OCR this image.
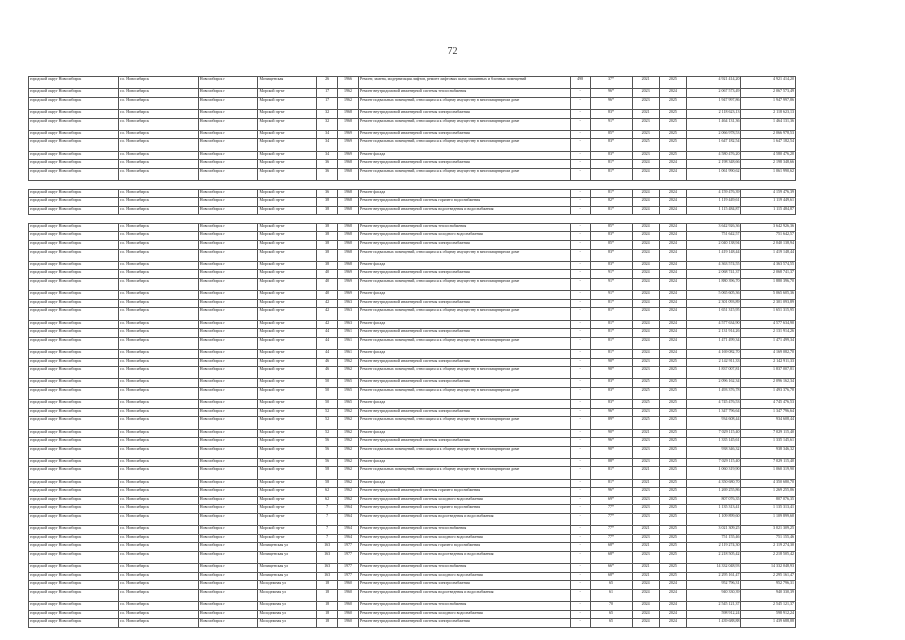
72
городской округ Новосибирск	г.о. Новосибирск	Новосибирск г	Мочищенская	26	1966	Ремонт, замена, модернизация лифтов, ремонт лифтовых шахт, машинных и блочных помещений	498	37*	2021	2025	4 921 414,20	4 921 414,20
городской округ Новосибирск	г.о. Новосибирск	Новосибирск г	Морской пр-кт	17	1962	Ремонт внутридомовой инженерной системы теплоснабжения	-	96*	2023	2024	2 067 573,49	2 067 573,49
городской округ Новосибирск	г.о. Новосибирск	Новосибирск г	Морской пр-кт	17	1962	Ремонт подвальных помещений, относящихся к общему имуществу в многоквартирном доме	-	96*	2023	2025	1 947 997,86	1 947 997,86
городской округ Новосибирск	г.о. Новосибирск	Новосибирск г	Морской пр-кт	32	1968	Ремонт внутридомовой инженерной системы электроснабжения	-	83*	2021	2025	2 118 623,13	2 118 623,13
городской округ Новосибирск	г.о. Новосибирск	Новосибирск г	Морской пр-кт	32	1968	Ремонт подвальных помещений, относящихся к общему имуществу в многоквартирном доме	-	91*	2023	2025	1 464 131,36	1 464 131,36
городской округ Новосибирск	г.о. Новосибирск	Новосибирск г	Морской пр-кт	34	1969	Ремонт внутридомовой инженерной системы электроснабжения	-	85*	2023	2025	2 066 978,53	2 066 978,53
городской округ Новосибирск	г.о. Новосибирск	Новосибирск г	Морской пр-кт	34	1969	Ремонт подвальных помещений, относящихся к общему имуществу в многоквартирном доме	-	83*	2025	2025	1 647 182,54	1 647 182,54
городской округ Новосибирск	г.о. Новосибирск	Новосибирск г	Морской пр-кт	34	1969	Ремонт фасада	-	83*	2023	2025	4 580 476,20	4 580 476,20
городской округ Новосибирск	г.о. Новосибирск	Новосибирск г	Морской пр-кт	36	1968	Ремонт внутридомовой инженерной системы электроснабжения	-	81*	2024	2024	2 198 348,66	2 198 348,66
городской округ Новосибирск	г.о. Новосибирск	Новосибирск г	Морской пр-кт	36	1968	Ремонт подвальных помещений, относящихся к общему имуществу в многоквартирном доме	-	81*	2024	2024	1 061 990,62	1 061 990,62

городской округ Новосибирск	г.о. Новосибирск	Новосибирск г	Морской пр-кт	36	1968	Ремонт фасада	-	81*	2024	2024	4 159 476,39	4 159 476,39
городской округ Новосибирск	г.о. Новосибирск	Новосибирск г	Морской пр-кт	38	1968	Ремонт внутридомовой инженерной системы горячего водоснабжения	-	82*	2024	2024	1 119 449,61	1 119 449,61
городской округ Новосибирск	г.о. Новосибирск	Новосибирск г	Морской пр-кт	38	1968	Ремонт внутридомовой инженерной системы водоотведения и водоснабжения	-	81*	2024	2024	1 115 484,87	1 115 484,87

городской округ Новосибирск	г.о. Новосибирск	Новосибирск г	Морской пр-кт	38	1968	Ремонт внутридомовой инженерной системы теплоснабжения	-	85*	2024	2024	3 642 926,36	3 642 926,36
городской округ Новосибирск	г.о. Новосибирск	Новосибирск г	Морской пр-кт	38	1968	Ремонт внутридомовой инженерной системы холодного водоснабжения	-	83*	2024	2024	751 642,57	751 642,57
городской округ Новосибирск	г.о. Новосибирск	Новосибирск г	Морской пр-кт	38	1968	Ремонт внутридомовой инженерной системы электроснабжения	-	85*	2024	2024	2 040 138,94	2 040 138,94
городской округ Новосибирск	г.о. Новосибирск	Новосибирск г	Морской пр-кт	38	1968	Ремонт подвальных помещений, относящихся к общему имуществу в многоквартирном доме	-	83*	2024	2024	1 419 148,44	1 419 148,44
городской округ Новосибирск	г.о. Новосибирск	Новосибирск г	Морской пр-кт	38	1968	Ремонт фасада	-	83*	2024	2024	4 363 574,55	4 363 574,55
городской округ Новосибирск	г.о. Новосибирск	Новосибирск г	Морской пр-кт	40	1969	Ремонт внутридомовой инженерной системы электроснабжения	-	91*	2024	2024	2 068 741,37	2 068 741,37
городской округ Новосибирск	г.о. Новосибирск	Новосибирск г	Морской пр-кт	40	1969	Ремонт подвальных помещений, относящихся к общему имуществу в многоквартирном доме	-	91*	2024	2024	1 880 396,70	1 880 396,70
городской округ Новосибирск	г.о. Новосибирск	Новосибирск г	Морской пр-кт	40	1969	Ремонт фасада	-	91*	2024	2024	5 065 605,36	5 065 605,36
городской округ Новосибирск	г.о. Новосибирск	Новосибирск г	Морской пр-кт	42	1963	Ремонт внутридомовой инженерной системы электроснабжения	-	81*	2024	2024	2 301 093,89	2 301 093,89
городской округ Новосибирск	г.о. Новосибирск	Новосибирск г	Морской пр-кт	42	1963	Ремонт подвальных помещений, относящихся к общему имуществу в многоквартирном доме	-	81*	2024	2024	1 651 315,95	1 651 315,95
городской округ Новосибирск	г.о. Новосибирск	Новосибирск г	Морской пр-кт	42	1963	Ремонт фасада	-	81*	2024	2024	4 577 634,90	4 577 634,90
городской округ Новосибирск	г.о. Новосибирск	Новосибирск г	Морской пр-кт	44	1961	Ремонт внутридомовой инженерной системы электроснабжения	-	81*	2024	2024	2 131 914,26	2 131 914,26
городской округ Новосибирск	г.о. Новосибирск	Новосибирск г	Морской пр-кт	44	1961	Ремонт подвальных помещений, относящихся к общему имуществу в многоквартирном доме	-	81*	2024	2024	1 471 499,34	1 471 499,34
городской округ Новосибирск	г.о. Новосибирск	Новосибирск г	Морской пр-кт	44	1961	Ремонт фасада	-	81*	2024	2024	4 169 082,70	4 169 082,70
городской округ Новосибирск	г.о. Новосибирск	Новосибирск г	Морской пр-кт	46	1962	Ремонт внутридомовой инженерной системы электроснабжения	-	90*	2023	2025	2 142 911,33	2 142 911,33
городской округ Новосибирск	г.о. Новосибирск	Новосибирск г	Морской пр-кт	46	1962	Ремонт подвальных помещений, относящихся к общему имуществу в многоквартирном доме	-	90*	2023	2025	1 837 007,81	1 837 007,81
городской округ Новосибирск	г.о. Новосибирск	Новосибирск г	Морской пр-кт	50	1965	Ремонт внутридомовой инженерной системы электроснабжения	-	83*	2025	2025	2 096 162,34	2 096 162,34
городской округ Новосибирск	г.о. Новосибирск	Новосибирск г	Морской пр-кт	50	1965	Ремонт подвальных помещений, относящихся к общему имуществу в многоквартирном доме	-	83*	2025	2025	1 493 376,78	1 493 376,78
городской округ Новосибирск	г.о. Новосибирск	Новосибирск г	Морской пр-кт	50	1965	Ремонт фасада	-	83*	2025	2025	4 745 476,53	4 745 476,53
городской округ Новосибирск	г.о. Новосибирск	Новосибирск г	Морской пр-кт	52	1962	Ремонт внутридомовой инженерной системы электроснабжения	-	96*	2023	2025	1 347 796,64	1 347 796,64
городской округ Новосибирск	г.о. Новосибирск	Новосибирск г	Морской пр-кт	52	1962	Ремонт подвальных помещений, относящихся к общему имуществу в многоквартирном доме	-	89*	2025	2025	934 608,44	934 608,44
городской округ Новосибирск	г.о. Новосибирск	Новосибирск г	Морской пр-кт	52	1962	Ремонт фасада	-	90*	2021	2025	7 029 115,40	7 029 115,40
городской округ Новосибирск	г.о. Новосибирск	Новосибирск г	Морской пр-кт	56	1962	Ремонт внутридомовой инженерной системы электроснабжения	-	96*	2023	2025	1 335 145,61	1 335 145,61
городской округ Новосибирск	г.о. Новосибирск	Новосибирск г	Морской пр-кт	56	1962	Ремонт подвальных помещений, относящихся к общему имуществу в многоквартирном доме	-	90*	2023	2025	938 346,32	938 346,32
городской округ Новосибирск	г.о. Новосибирск	Новосибирск г	Морской пр-кт	56	1962	Ремонт фасада	-	88*	2023	2025	7 029 115,40	7 029 115,40
городской округ Новосибирск	г.о. Новосибирск	Новосибирск г	Морской пр-кт	58	1962	Ремонт подвальных помещений, относящихся к общему имуществу в многоквартирном доме	-	81*	2021	2025	1 060 319,90	1 060 319,90
городской округ Новосибирск	г.о. Новосибирск	Новосибирск г	Морской пр-кт	58	1962	Ремонт фасада	-	81*	2021	2025	4 350 680,70	4 350 680,70
городской округ Новосибирск	г.о. Новосибирск	Новосибирск г	Морской пр-кт	62	1962	Ремонт внутридомовой инженерной системы горячего водоснабжения	-	96*	2023	2025	1 269 255,86	1 269 255,86
городской округ Новосибирск	г.о. Новосибирск	Новосибирск г	Морской пр-кт	62	1962	Ремонт внутридомовой инженерной системы холодного водоснабжения	-	69*	2023	2025	807 076,35	807 076,35
городской округ Новосибирск	г.о. Новосибирск	Новосибирск г	Морской пр-кт	7	1964	Ремонт внутридомовой инженерной системы горячего водоснабжения	-	77*	2023	2025	1 135 313,41	1 135 313,41
городской округ Новосибирск	г.о. Новосибирск	Новосибирск г	Морской пр-кт	7	1964	Ремонт внутридомовой инженерной системы водоотведения и водоснабжения	-	77*	2023	2025	1 109 899,60	1 109 899,60
городской округ Новосибирск	г.о. Новосибирск	Новосибирск г	Морской пр-кт	7	1964	Ремонт внутридомовой инженерной системы теплоснабжения	-	77*	2021	2025	3 021 309,25	3 021 309,25
городской округ Новосибирск	г.о. Новосибирск	Новосибирск г	Морской пр-кт	7	1964	Ремонт внутридомовой инженерной системы холодного водоснабжения	-	77*	2023	2025	751 155,46	751 155,46
городской округ Новосибирск	г.о. Новосибирск	Новосибирск г	Мочищенская ул	163	1977	Ремонт внутридомовой инженерной системы горячего водоснабжения	-	68*	2021	2025	2 119 274,30	2 119 274,30
городской округ Новосибирск	г.о. Новосибирск	Новосибирск г	Мочищенская ул	163	1977	Ремонт внутридомовой инженерной системы водоотведения и водоснабжения	-	68*	2023	2025	2 218 505,42	2 218 505,42
городской округ Новосибирск	г.о. Новосибирск	Новосибирск г	Мочищенская ул	163	1977	Ремонт внутридомовой инженерной системы теплоснабжения	-	66*	2021	2025	14 332 048,93	14 332 048,93
городской округ Новосибирск	г.о. Новосибирск	Новосибирск г	Мочищенская ул	163	1977	Ремонт внутридомовой инженерной системы холодного водоснабжения	-	68*	2021	2025	2 295 161,47	2 295 161,47
городской округ Новосибирск	г.о. Новосибирск	Новосибирск г	Молодежная ул	18	1960	Ремонт внутридомовой инженерной системы электроснабжения	-	65	2024	2024	952 796,31	952 796,31
городской округ Новосибирск	г.о. Новосибирск	Новосибирск г	Молодежная ул	18	1960	Ремонт внутридомовой инженерной системы водоотведения и водоснабжения	-	61	2024	2024	940 330,39	940 330,39
городской округ Новосибирск	г.о. Новосибирск	Новосибирск г	Молодежная ул	18	1960	Ремонт внутридомовой инженерной системы теплоснабжения	-	70	2024	2024	2 545 121,37	2 545 121,37
городской округ Новосибирск	г.о. Новосибирск	Новосибирск г	Молодежная ул	18	1960	Ремонт внутридомовой инженерной системы холодного водоснабжения	-	65	2024	2024	598 912,24	598 912,24
городской округ Новосибирск	г.о. Новосибирск	Новосибирск г	Молодежная ул	18	1960	Ремонт внутридомовой инженерной системы электроснабжения	-	65	2024	2024	1 439 688,88	1 439 688,88
